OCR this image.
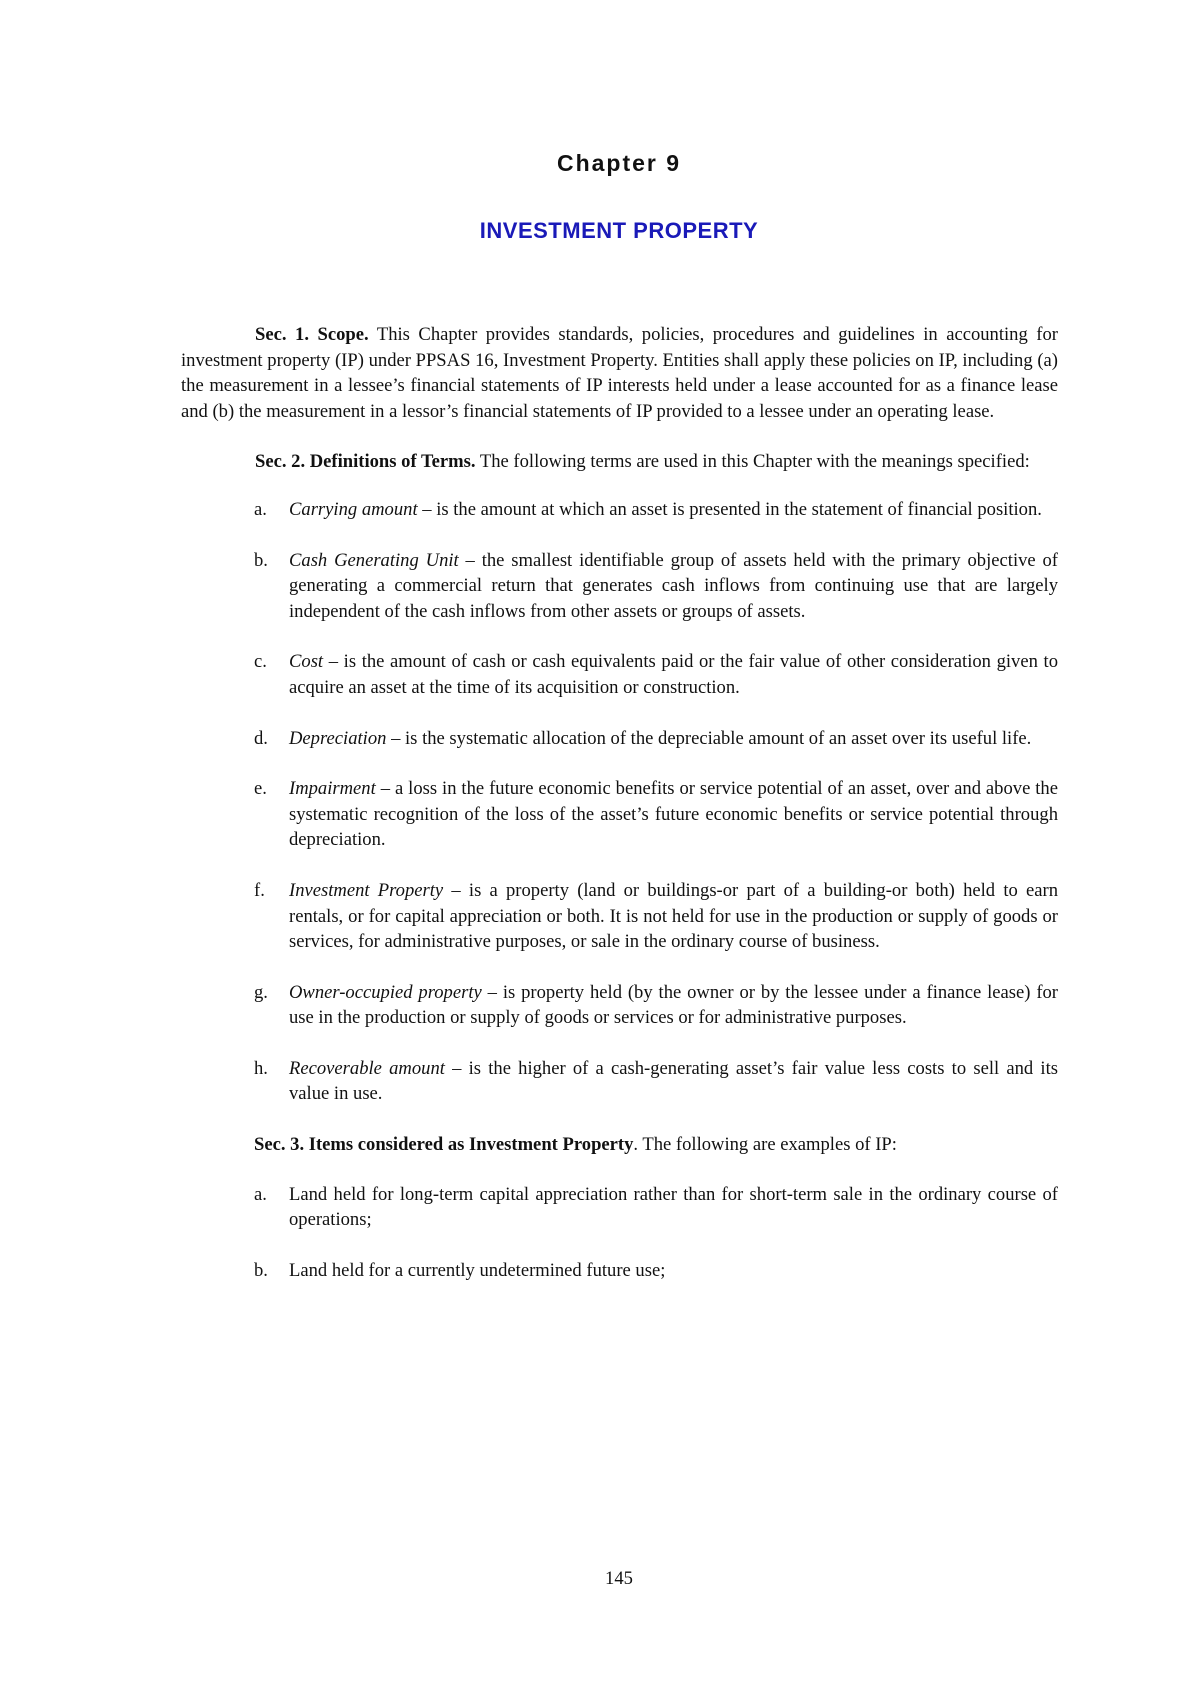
Chapter 9
INVESTMENT PROPERTY

Sec. 1. Scope. This Chapter provides standards, policies, procedures and guidelines in accounting for investment property (IP) under PPSAS 16, Investment Property. Entities shall apply these policies on IP, including (a) the measurement in a lessee’s financial statements of IP interests held under a lease accounted for as a finance lease and (b) the measurement in a lessor’s financial statements of IP provided to a lessee under an operating lease.

Sec. 2. Definitions of Terms. The following terms are used in this Chapter with the meanings specified:

a. Carrying amount – is the amount at which an asset is presented in the statement of financial position.
b. Cash Generating Unit – the smallest identifiable group of assets held with the primary objective of generating a commercial return that generates cash inflows from continuing use that are largely independent of the cash inflows from other assets or groups of assets.
c. Cost – is the amount of cash or cash equivalents paid or the fair value of other consideration given to acquire an asset at the time of its acquisition or construction.
d. Depreciation – is the systematic allocation of the depreciable amount of an asset over its useful life.
e. Impairment – a loss in the future economic benefits or service potential of an asset, over and above the systematic recognition of the loss of the asset’s future economic benefits or service potential through depreciation.
f. Investment Property – is a property (land or buildings-or part of a building-or both) held to earn rentals, or for capital appreciation or both. It is not held for use in the production or supply of goods or services, for administrative purposes, or sale in the ordinary course of business.
g. Owner-occupied property – is property held (by the owner or by the lessee under a finance lease) for use in the production or supply of goods or services or for administrative purposes.
h. Recoverable amount – is the higher of a cash-generating asset’s fair value less costs to sell and its value in use.

Sec. 3. Items considered as Investment Property. The following are examples of IP:

a. Land held for long-term capital appreciation rather than for short-term sale in the ordinary course of operations;
b. Land held for a currently undetermined future use;
145
